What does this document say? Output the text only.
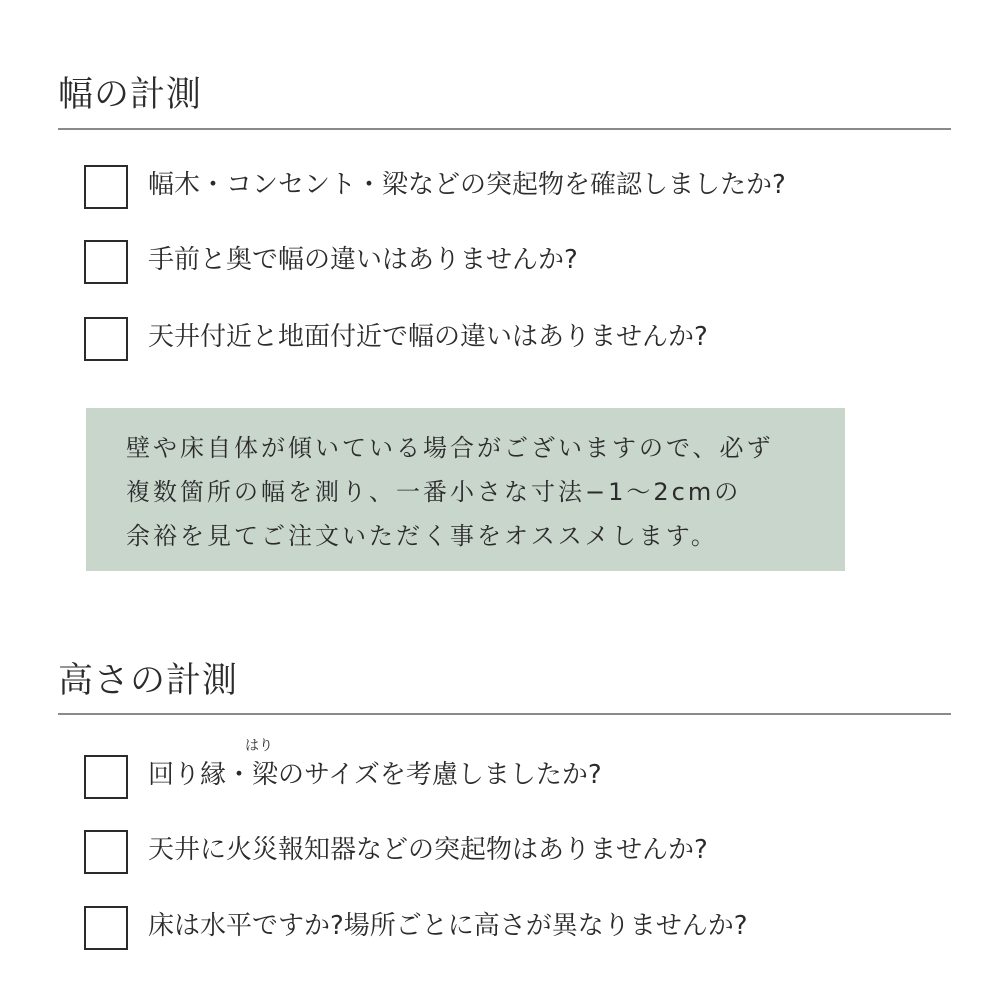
幅の計測
幅木・コンセント・梁などの突起物を確認しましたか?
手前と奥で幅の違いはありませんか?
天井付近と地面付近で幅の違いはありませんか?
壁や床自体が傾いている場合がございますので、必ず
複数箇所の幅を測り、一番小さな寸法−1〜2cmの
余裕を見てご注文いただく事をオススメします。
高さの計測
はり
回り縁・梁のサイズを考慮しましたか?
天井に火災報知器などの突起物はありませんか?
床は水平ですか?場所ごとに高さが異なりませんか?
